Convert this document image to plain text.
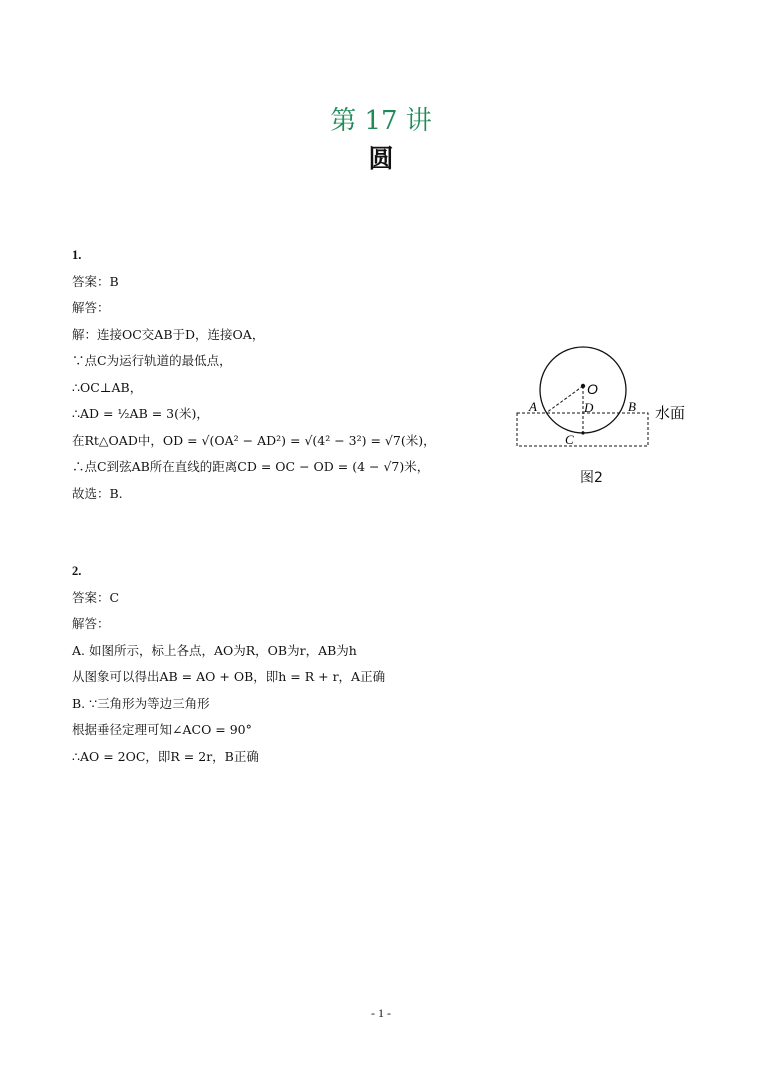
第 17 讲
圆
1.
答案：B
解答：
解：连接OC交AB于D，连接OA，
∵点C为运行轨道的最低点，
∴OC⊥AB，
∴AD = ½AB = 3(米)，
在Rt△OAD中，OD = √(OA² − AD²) = √(4² − 3²) = √7(米)，
∴点C到弦AB所在直线的距离CD = OC − OD = (4 − √7)米，
故选：B.
O
A	D	B
C
水面
图2
2.
答案：C
解答：
A. 如图所示，标上各点，AO为R，OB为r，AB为h
从图象可以得出AB = AO + OB，即h = R + r，A正确
B. ∵三角形为等边三角形
根据垂径定理可知∠ACO = 90°
∴AO = 2OC，即R = 2r，B正确
- 1 -
